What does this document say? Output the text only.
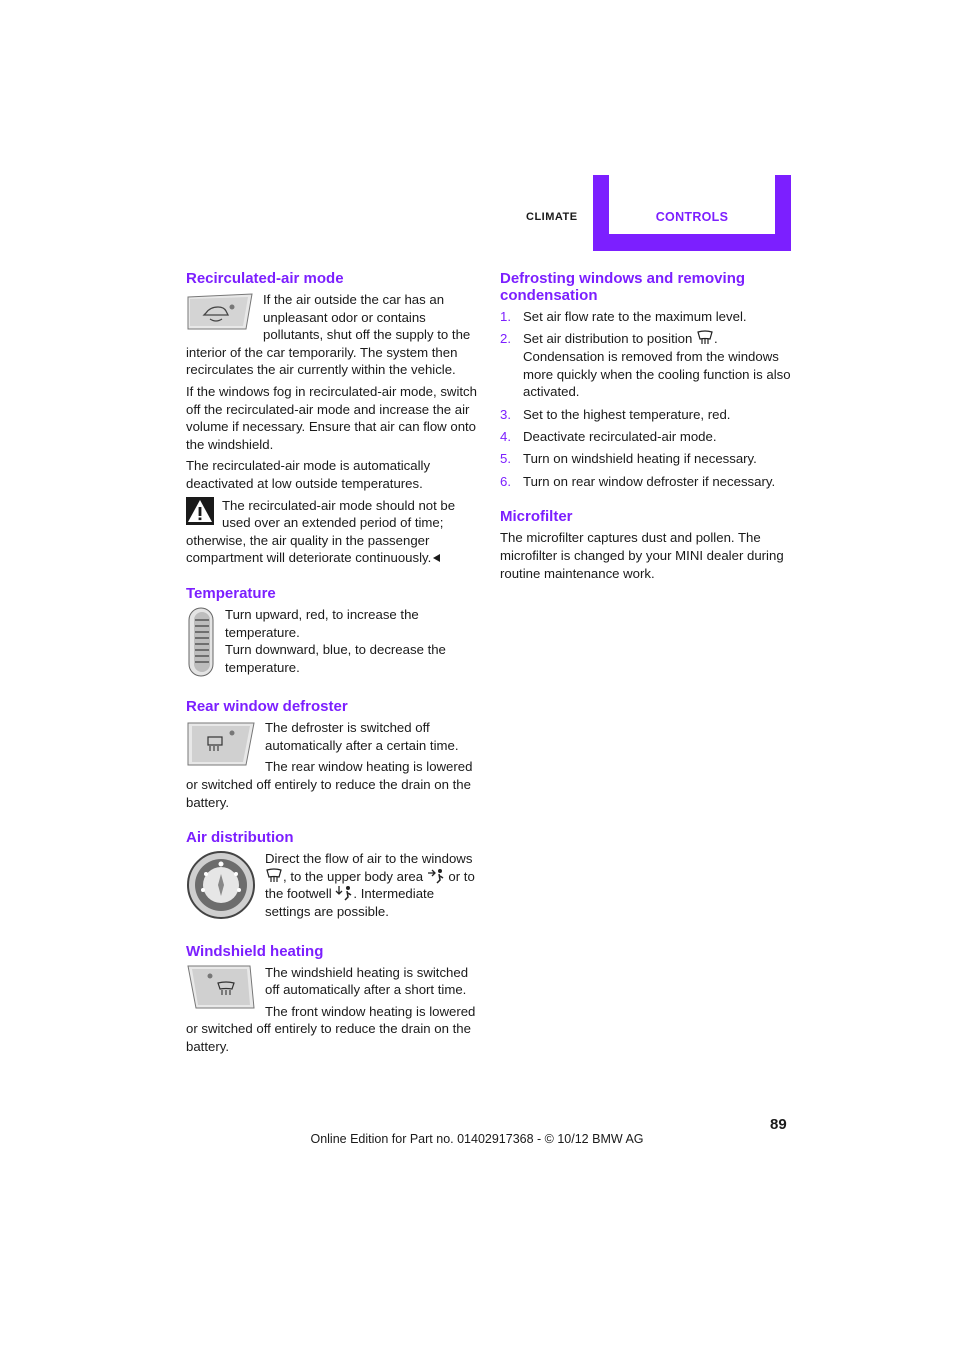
CLIMATE	CONTROLS
Recirculated-air mode

If the air outside the car has an unpleasant odor or contains pollutants, shut off the supply to the interior of the car temporarily. The system then recirculates the air currently within the vehicle.

If the windows fog in recirculated-air mode, switch off the recirculated-air mode and increase the air volume if necessary. Ensure that air can flow onto the windshield.

The recirculated-air mode is automatically deactivated at low outside temperatures.

The recirculated-air mode should not be used over an extended period of time; otherwise, the air quality in the passenger compartment will deteriorate continuously.

Temperature

Turn upward, red, to increase the temperature.

Turn downward, blue, to decrease the temperature.

Rear window defroster

The defroster is switched off automatically after a certain time.

The rear window heating is lowered or switched off entirely to reduce the drain on the battery.

Air distribution

Direct the flow of air to the windows , to the upper body area or to the footwell . Intermediate settings are possible.

Windshield heating

The windshield heating is switched off automatically after a short time.

The front window heating is lowered or switched off entirely to reduce the drain on the battery.

Defrosting windows and removing condensation
1. Set air flow rate to the maximum level.
2. Set air distribution to position . Condensation is removed from the windows more quickly when the cooling function is also activated.
3. Set to the highest temperature, red.
4. Deactivate recirculated-air mode.
5. Turn on windshield heating if necessary.
6. Turn on rear window defroster if necessary.
Microfilter

The microfilter captures dust and pollen. The microfilter is changed by your MINI dealer during routine maintenance work.

89
Online Edition for Part no. 01402917368 - © 10/12 BMW AG
